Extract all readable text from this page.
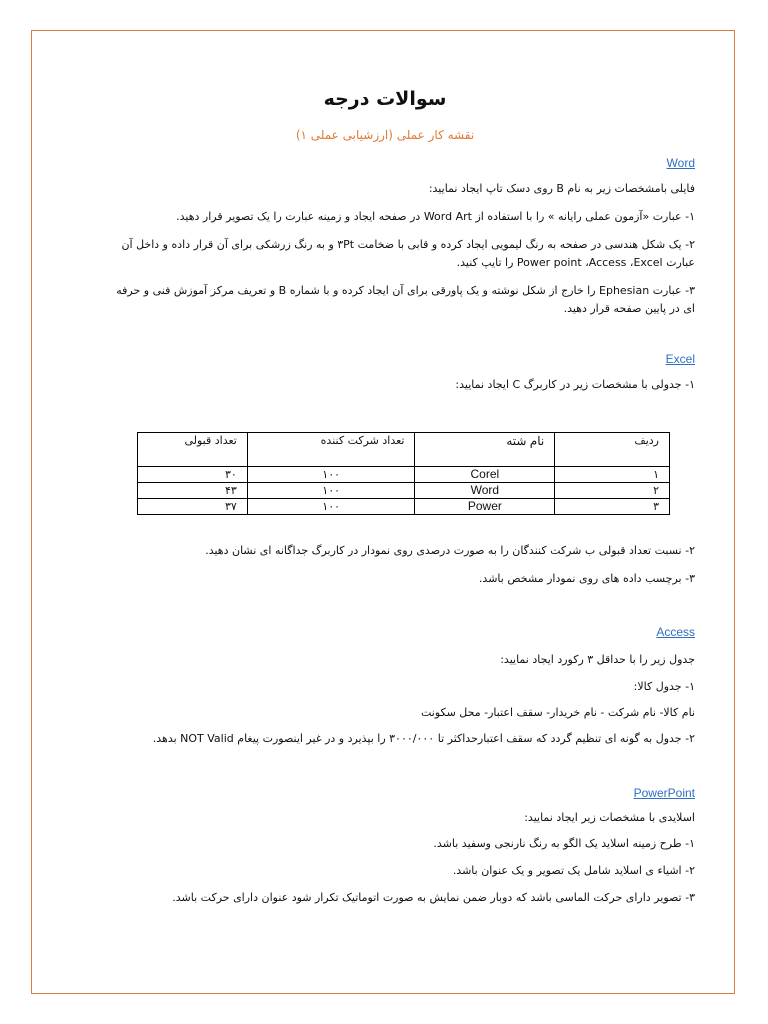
سوالات درجه
نقشه کار عملی (ارزشیابی عملی ۱)
Word
فایلی بامشخصات زیر به نام B روی دسک تاپ ایجاد نمایید:
۱- عبارت «آزمون عملی رایانه » را با استفاده از Word Art در صفحه ایجاد و زمینه عبارت را یک تصویر قرار دهید.
۲- یک شکل هندسی در صفحه به رنگ لیمویی ایجاد کرده و قابی با ضخامت ۳Pt و به رنگ زرشکی برای آن قرار داده و داخل آن
عبارت Power point ،Access ،Excel را تایپ کنید.
۳- عبارت Ephesian را خارج از شکل نوشته و یک پاورقی برای آن ایجاد کرده و با شماره B و تعریف مرکز آموزش فنی و حرفه
ای در پایین صفحه قرار دهید.
Excel
۱- جدولی با مشخصات زیر در کاربرگ C ایجاد نمایید:
ردیف	نام شته	تعداد شرکت کننده	تعداد قبولی
۱	Corel	۱۰۰	۳۰
۲	Word	۱۰۰	۴۳
۳	Power	۱۰۰	۳۷
۲- نسبت تعداد قبولی ب شرکت کنندگان را به صورت درصدی روی نمودار در کاربرگ جداگانه ای نشان دهید.
۳- برچسب داده های روی نمودار مشخص باشد.
Access
جدول زیر را با حداقل ۳ رکورد ایجاد نمایید:
۱- جدول کالا:
نام کالا- نام شرکت - نام خریدار- سقف اعتبار- محل سکونت
۲- جدول به گونه ای تنظیم گردد که سقف اعتبارحداکثر تا ۳۰۰۰/۰۰۰ را بپذیرد و در غیر اینصورت پیغام NOT Valid بدهد.
PowerPoint
اسلایدی با مشخصات زیر ایجاد نمایید:
۱- طرح زمینه اسلاید یک الگو به رنگ نارنجی وسفید باشد.
۲- اشیاء ی اسلاید شامل یک تصویر و یک عنوان باشد.
۳- تصویر دارای حرکت الماسی باشد که دوبار ضمن نمایش به صورت اتوماتیک تکرار شود عنوان دارای حرکت باشد.
